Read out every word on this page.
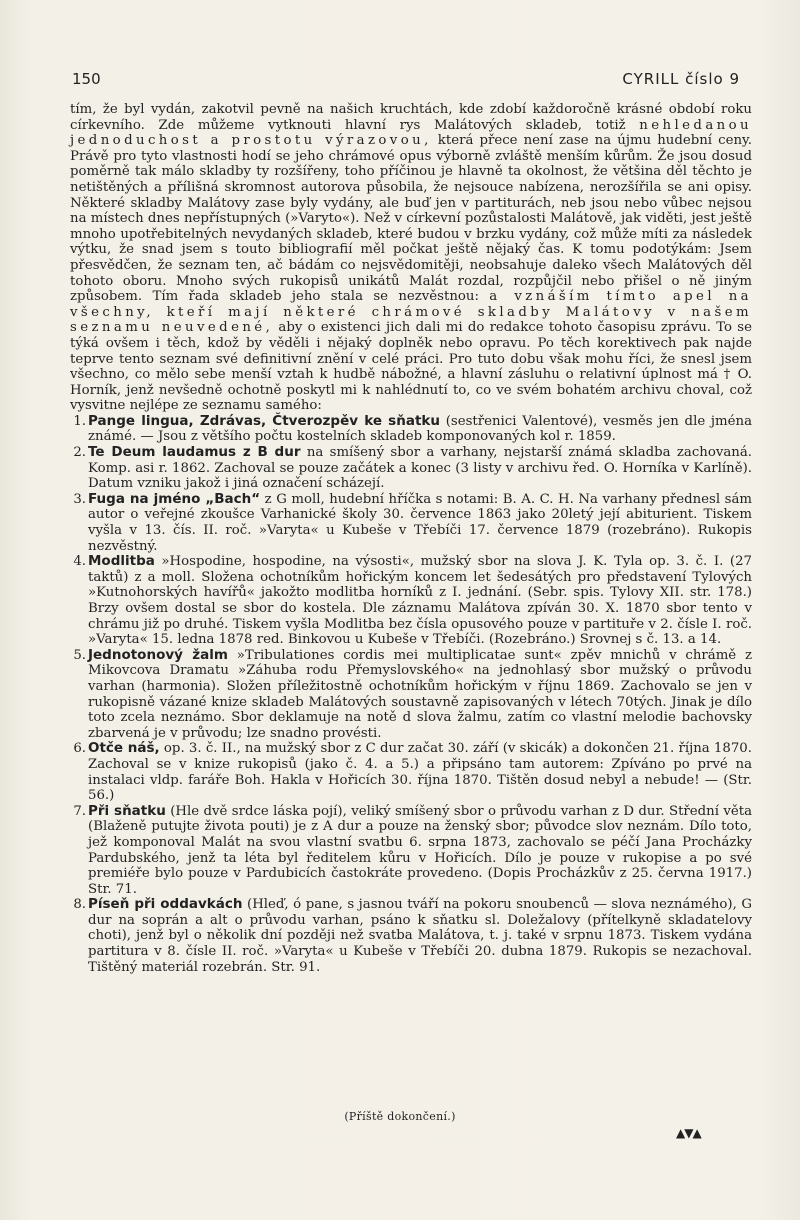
150	CYRILL číslo 9

tím, že byl vydán, zakotvil pevně na našich kruchtách, kde zdobí každoročně krásné období roku církevního. Zde můžeme vytknouti hlavní rys Malátových skladeb, totiž nehledanou jednoduchost a prostotu výrazovou, která přece není zase na újmu hudební ceny. Právě pro tyto vlastnosti hodí se jeho chrámové opus výborně zvláště menším kůrům. Že jsou dosud poměrně tak málo skladby ty rozšířeny, toho příčinou je hlavně ta okolnost, že většina děl těchto je netištěných a přílišná skromnost autorova působila, že nejsouce nabízena, nerozšířila se ani opisy. Některé skladby Malátovy zase byly vydány, ale buď jen v partiturách, neb jsou nebo vůbec nejsou na místech dnes nepřístupných (»Varyto«). Než v církevní pozůstalosti Malátově, jak viděti, jest ještě mnoho upotřebitelných nevydaných skladeb, které budou v brzku vydány, což může míti za následek výtku, že snad jsem s touto bibliografií měl počkat ještě nějaký čas. K tomu podotýkám: Jsem přesvědčen, že seznam ten, ač bádám co nejsvědomitěji, neobsahuje daleko všech Malátových děl tohoto oboru. Mnoho svých rukopisů unikátů Malát rozdal, rozpůjčil nebo přišel o ně jiným způsobem. Tím řada skladeb jeho stala se nezvěstnou: a vznáším tímto apel na všechny, kteří mají některé chrámové skladby Malátovy v našem seznamu neuvedené, aby o existenci jich dali mi do redakce tohoto časopisu zprávu. To se týká ovšem i těch, kdož by věděli i nějaký doplněk nebo opravu. Po těch korektivech pak najde teprve tento seznam své definitivní znění v celé práci. Pro tuto dobu však mohu říci, že snesl jsem všechno, co mělo sebe menší vztah k hudbě nábožné, a hlavní zásluhu o relativní úplnost má † O. Horník, jenž nevšedně ochotně poskytl mi k nahlédnutí to, co ve svém bohatém archivu choval, což vysvitne nejlépe ze seznamu samého:

1. Pange lingua, Zdrávas, Čtverozpěv ke sňatku (sestřenici Valentové), vesměs jen dle jména známé. — Jsou z většího počtu kostelních skladeb komponovaných kol r. 1859.

2. Te Deum laudamus z B dur na smíšený sbor a varhany, nejstarší známá skladba zachovaná. Komp. asi r. 1862. Zachoval se pouze začátek a konec (3 listy v archivu řed. O. Horníka v Karlíně). Datum vzniku jakož i jiná označení scházejí.

3. Fuga na jméno „Bach“ z G moll, hudební hříčka s notami: B. A. C. H. Na varhany přednesl sám autor o veřejné zkoušce Varhanické školy 30. července 1863 jako 20letý její abiturient. Tiskem vyšla v 13. čís. II. roč. »Varyta« u Kubeše v Třebíči 17. července 1879 (rozebráno). Rukopis nezvěstný.

4. Modlitba »Hospodine, hospodine, na výsosti«, mužský sbor na slova J. K. Tyla op. 3. č. I. (27 taktů) z a moll. Složena ochotníkům hořickým koncem let šedesátých pro představení Tylových »Kutnohorských havířů« jakožto modlitba horníků z I. jednání. (Sebr. spis. Tylovy XII. str. 178.) Brzy ovšem dostal se sbor do kostela. Dle záznamu Malátova zpíván 30. X. 1870 sbor tento v chrámu již po druhé. Tiskem vyšla Modlitba bez čísla opusového pouze v partituře v 2. čísle I. roč. »Varyta« 15. ledna 1878 red. Binkovou u Kubeše v Třebíči. (Rozebráno.) Srovnej s č. 13. a 14.

5. Jednotonový žalm »Tribulationes cordis mei multiplicatae sunt« zpěv mnichů v chrámě z Mikovcova Dramatu »Záhuba rodu Přemyslovského« na jednohlasý sbor mužský o průvodu varhan (harmonia). Složen příležitostně ochotníkům hořickým v říjnu 1869. Zachovalo se jen v rukopisně vázané knize skladeb Malátových soustavně zapisovaných v létech 70tých. Jinak je dílo toto zcela neznámo. Sbor deklamuje na notě d slova žalmu, zatím co vlastní melodie bachovsky zbarvená je v průvodu; lze snadno provésti.

6. Otče náš, op. 3. č. II., na mužský sbor z C dur začat 30. září (v skicák) a dokončen 21. října 1870. Zachoval se v knize rukopisů (jako č. 4. a 5.) a připsáno tam autorem: Zpíváno po prvé na instalaci vldp. faráře Boh. Hakla v Hořicích 30. října 1870. Tištěn dosud nebyl a nebude! — (Str. 56.)

7. Při sňatku (Hle dvě srdce láska pojí), veliký smíšený sbor o průvodu varhan z D dur. Střední věta (Blaženě putujte života pouti) je z A dur a pouze na ženský sbor; původce slov neznám. Dílo toto, jež komponoval Malát na svou vlastní svatbu 6. srpna 1873, zachovalo se péčí Jana Procházky Pardubského, jenž ta léta byl ředitelem kůru v Hořicích. Dílo je pouze v rukopise a po své premiéře bylo pouze v Pardubicích častokráte provedeno. (Dopis Procházkův z 25. června 1917.) Str. 71.

8. Píseň při oddavkách (Hleď, ó pane, s jasnou tváří na pokoru snoubenců — slova neznámého), G dur na soprán a alt o průvodu varhan, psáno k sňatku sl. Doležalovy (přítelkyně skladatelovy choti), jenž byl o několik dní později než svatba Malátova, t. j. také v srpnu 1873. Tiskem vydána partitura v 8. čísle II. roč. »Varyta« u Kubeše v Třebíči 20. dubna 1879. Rukopis se nezachoval. Tištěný materiál rozebrán. Str. 91.

(Příště dokončení.)
▲▼▲
